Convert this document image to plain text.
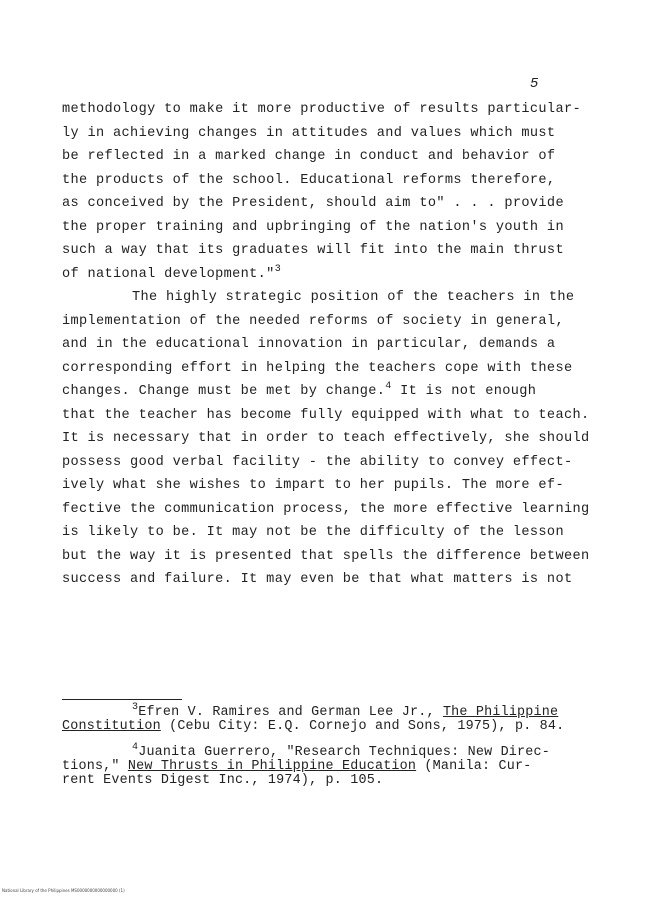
5
methodology to make it more productive of results particular-
ly in achieving changes in attitudes and values which must
be reflected in a marked change in conduct and behavior of
the products of the school. Educational reforms therefore,
as conceived by the President, should aim to" . . . provide
the proper training and upbringing of the nation's youth in
such a way that its graduates will fit into the main thrust
of national development."$^3$
The highly strategic position of the teachers in the
implementation of the needed reforms of society in general,
and in the educational innovation in particular, demands a
corresponding effort in helping the teachers cope with these
changes. Change must be met by change.$^4$ It is not enough
that the teacher has become fully equipped with what to teach.
It is necessary that in order to teach effectively, she should
possess good verbal facility - the ability to convey effect-
ively what she wishes to impart to her pupils. The more ef-
fective the communication process, the more effective learning
is likely to be. It may not be the difficulty of the lesson
but the way it is presented that spells the difference between
success and failure. It may even be that what matters is not
$^3$Efren V. Ramires and German Lee Jr., The Philippine
Constitution (Cebu City: E.Q. Cornejo and Sons, 1975), p. 84.
$^4$Juanita Guerrero, "Research Techniques: New Direc-
tions," New Thrusts in Philippine Education (Manila: Cur-
rent Events Digest Inc., 1974), p. 105.
National Library of the Philippines MS0000000000000000 (1)
